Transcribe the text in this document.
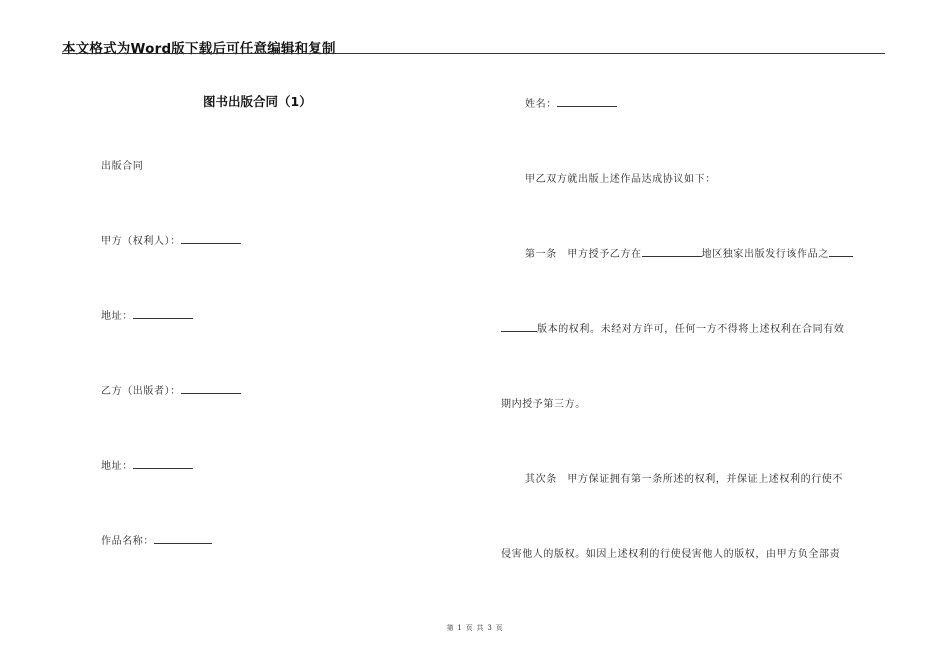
本文格式为Word版下载后可任意编辑和复制
图书出版合同（1）
出版合同
甲方（权利人）：
地址：
乙方（出版者）：
地址：
作品名称：
姓名：
甲乙双方就出版上述作品达成协议如下：
第一条　甲方授予乙方在	地区独家出版发行该作品之
版本的权利。未经对方许可，任何一方不得将上述权利在合同有效
期内授予第三方。
其次条　甲方保证拥有第一条所述的权利，并保证上述权利的行使不
侵害他人的版权。如因上述权利的行使侵害他人的版权，由甲方负全部责
第 1 页 共 3 页
